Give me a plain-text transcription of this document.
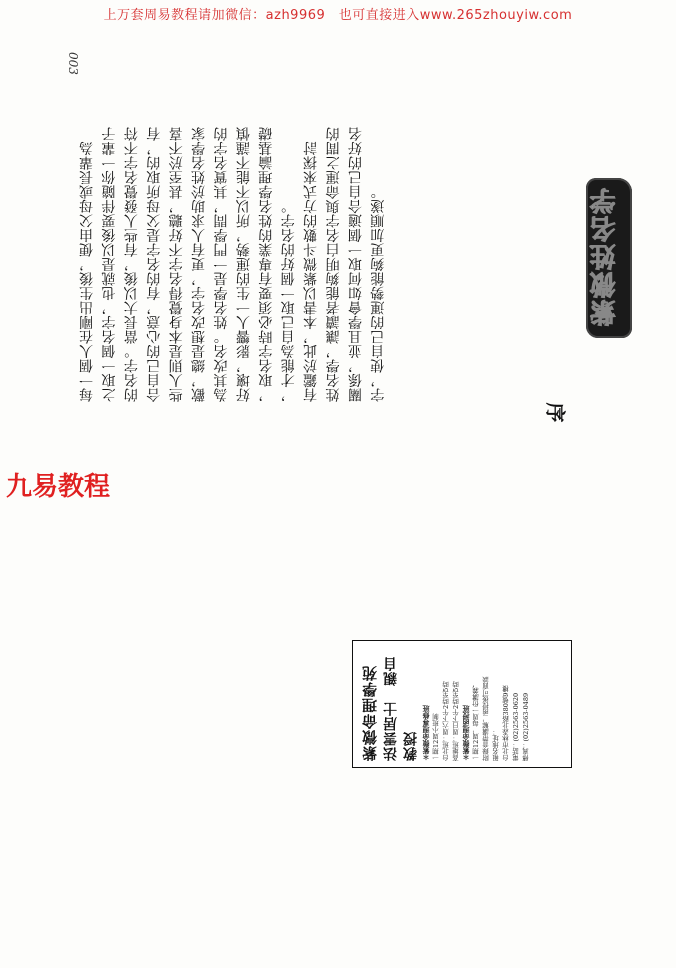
上万套周易教程请加微信：azh9969　也可直接进入www.265zhouyiw.com
003
每一個人在剛出生後，便由父母或長輩為 之取一個名字，也就是以後要伴隨你一輩子 的名字。當長大以後，有些人發覺名字不符 合自己的心意，有的名字是父母所取的，有 些人則是本身覺得名字不好聽，甚至於不喜 歡，總是想改名字，更有人求助於姓名學家 為其改名。姓名學是一門學問，其實名字的 好壞，影響人一生的運勢，所以不能不謹慎 ，取名字時必須要有專業的姓名學理論基礎 ，才能為自己取一個好的名字。 有鑑於此，本書以紫微斗數的方式來探討 姓名學，讓讀者能夠明白名字與命運之間的 關係，並且學會如何取一個適合自己的好名 字，使自己的運勢能夠更加順遂。	紫微姓名学
序
九易教程
紫微命理學苑 法雲居士　親自教授 ＊紫微命理專修班 一期12周小班制 台北班：周六下午2時至5時 高雄班：周日下午2時至5時 ＊紫微命理函授班 一期12周，每周一份講義， 附錄音帶講解，函授後可面談 報名地址： 台北市林森北路380號9樓 電話：(02)2563-0620 傳真：(02)2563-0489
